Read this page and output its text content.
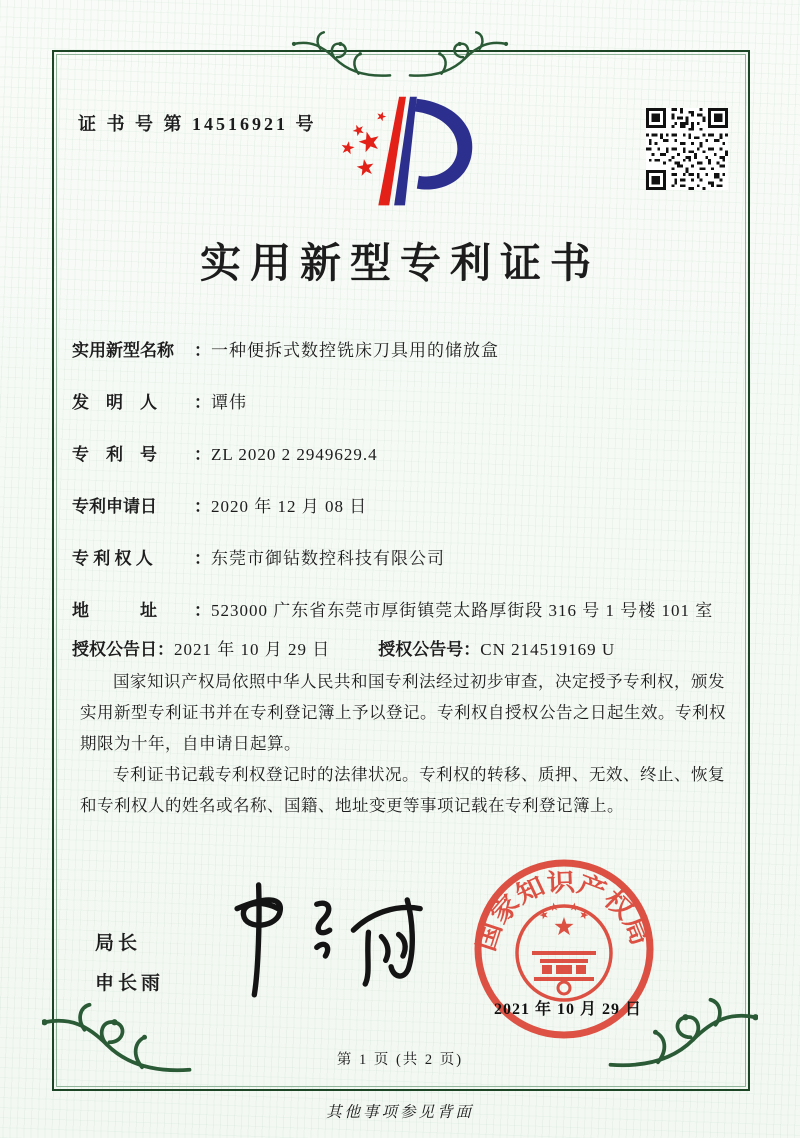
证 书 号 第 14516921 号
实用新型专利证书
实用新型名称	： 一种便拆式数控铣床刀具用的储放盒
发　明　人	： 谭伟
专　利　号	： ZL 2020 2 2949629.4
专利申请日	： 2020 年 12 月 08 日
专 利 权 人	： 东莞市御钻数控科技有限公司
地　　　址	： 523000 广东省东莞市厚街镇莞太路厚街段 316 号 1 号楼 101 室
授权公告日 ： 2021 年 10 月 29 日	授权公告号 ： CN 214519169 U

国家知识产权局依照中华人民共和国专利法经过初步审查，决定授予专利权，颁发实用新型专利证书并在专利登记簿上予以登记。专利权自授权公告之日起生效。专利权期限为十年，自申请日起算。

专利证书记载专利权登记时的法律状况。专利权的转移、质押、无效、终止、恢复和专利权人的姓名或名称、国籍、地址变更等事项记载在专利登记簿上。

局长
申长雨
国家知识产权局
2021 年 10 月 29 日
第 1 页 (共 2 页)
其他事项参见背面
